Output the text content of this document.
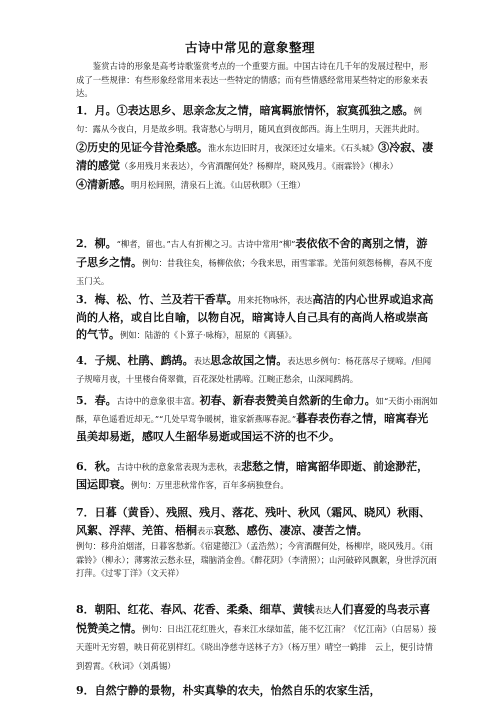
古诗中常见的意象整理
鉴赏古诗的形象是高考诗歌鉴赏考点的一个重要方面。中国古诗在几千年的发展过程中，形成了一些规律：有些形象经常用来表达一些特定的情感；而有些情感经常用某些特定的形象来表达。

1．月。①表达思乡、思亲念友之情，暗寓羁旅情怀，寂寞孤独之感。例句：露从今夜白，月是故乡明。我寄愁心与明月，随风直到夜郎西。海上生明月，天涯共此时。

②历史的见证今昔沧桑感。淮水东边旧时月，夜深还过女墙来。《石头城》③冷寂、凄清的感觉（多用残月来表达），今宵酒醒何处？杨柳岸，晓风残月。《雨霖铃》（柳永）

④清新感。明月松间照，清泉石上流。《山居秋暝》（王维）

2．柳。“柳者，留也。”古人有折柳之习。古诗中常用“柳”表依依不舍的离别之情，游子思乡之情。例句：昔我往矣，杨柳依依；今我来思，雨雪霏霏。羌笛何须怨杨柳，春风不度玉门关。

3．梅、松、竹、兰及若干香草。用来托物咏怀，表达高洁的内心世界或追求高尚的人格，或自比自喻，以物自况，暗寓诗人自己具有的高尚人格或崇高的气节。例如：陆游的《卜算子·咏梅》，屈原的《离骚》。

4．子规、杜鹃、鹧鸪。表达思念故国之情。表达思乡例句：杨花落尽子规啼。/但闻子规啼月夜，十里楼台倚翠微，百花深处杜鹃啼。江畹正愁余，山深闻鹧鸪。

5．春。古诗中的意象很丰富。初春、新春表赞美自然新的生命力。如“天街小雨润如酥，草色遥看近却无。”“几处早莺争暖树，谁家新燕啄春泥。”暮春表伤春之情，暗寓春光虽美却易逝，感叹人生韶华易逝或国运不济的也不少。

6．秋。古诗中秋的意象常表现为悲秋，表悲愁之情，暗寓韶华即逝、前途渺茫，国运即衰。例句：万里悲秋常作客，百年多病独登台。

7．日暮（黄昏）、残照、残月、落花、残叶、秋风（霜风、晓风）秋雨、风絮、浮萍、羌笛、梧桐表示哀愁、感伤、凄凉、凄苦之情。

例句：移舟泊烟渚，日暮客愁新。《宿建德江》（孟浩然）；今宵酒醒何处，杨柳岸，晓风残月。《雨霖铃》（柳永）；薄雾浓云愁永昼，瑞脑消金兽。《醉花阴》（李清照）；山河破碎风飘絮，身世浮沉雨打萍。《过零丁洋》（文天祥）

8．朝阳、红花、春风、花香、柔桑、细草、黄犊表达人们喜爱的鸟表示喜悦赞美之情。例句：日出江花红胜火，春来江水绿如蓝，能不忆江南？《忆江南》（白居易）接天莲叶无穷碧，映日荷花别样红。《晓出净慈寺送林子方》（杨万里）晴空一鹤排　云上，便引诗情到碧霄。《秋词》（刘禹锡）

9．自然宁静的景物，朴实真挚的农夫，怡然自乐的农家生活，
